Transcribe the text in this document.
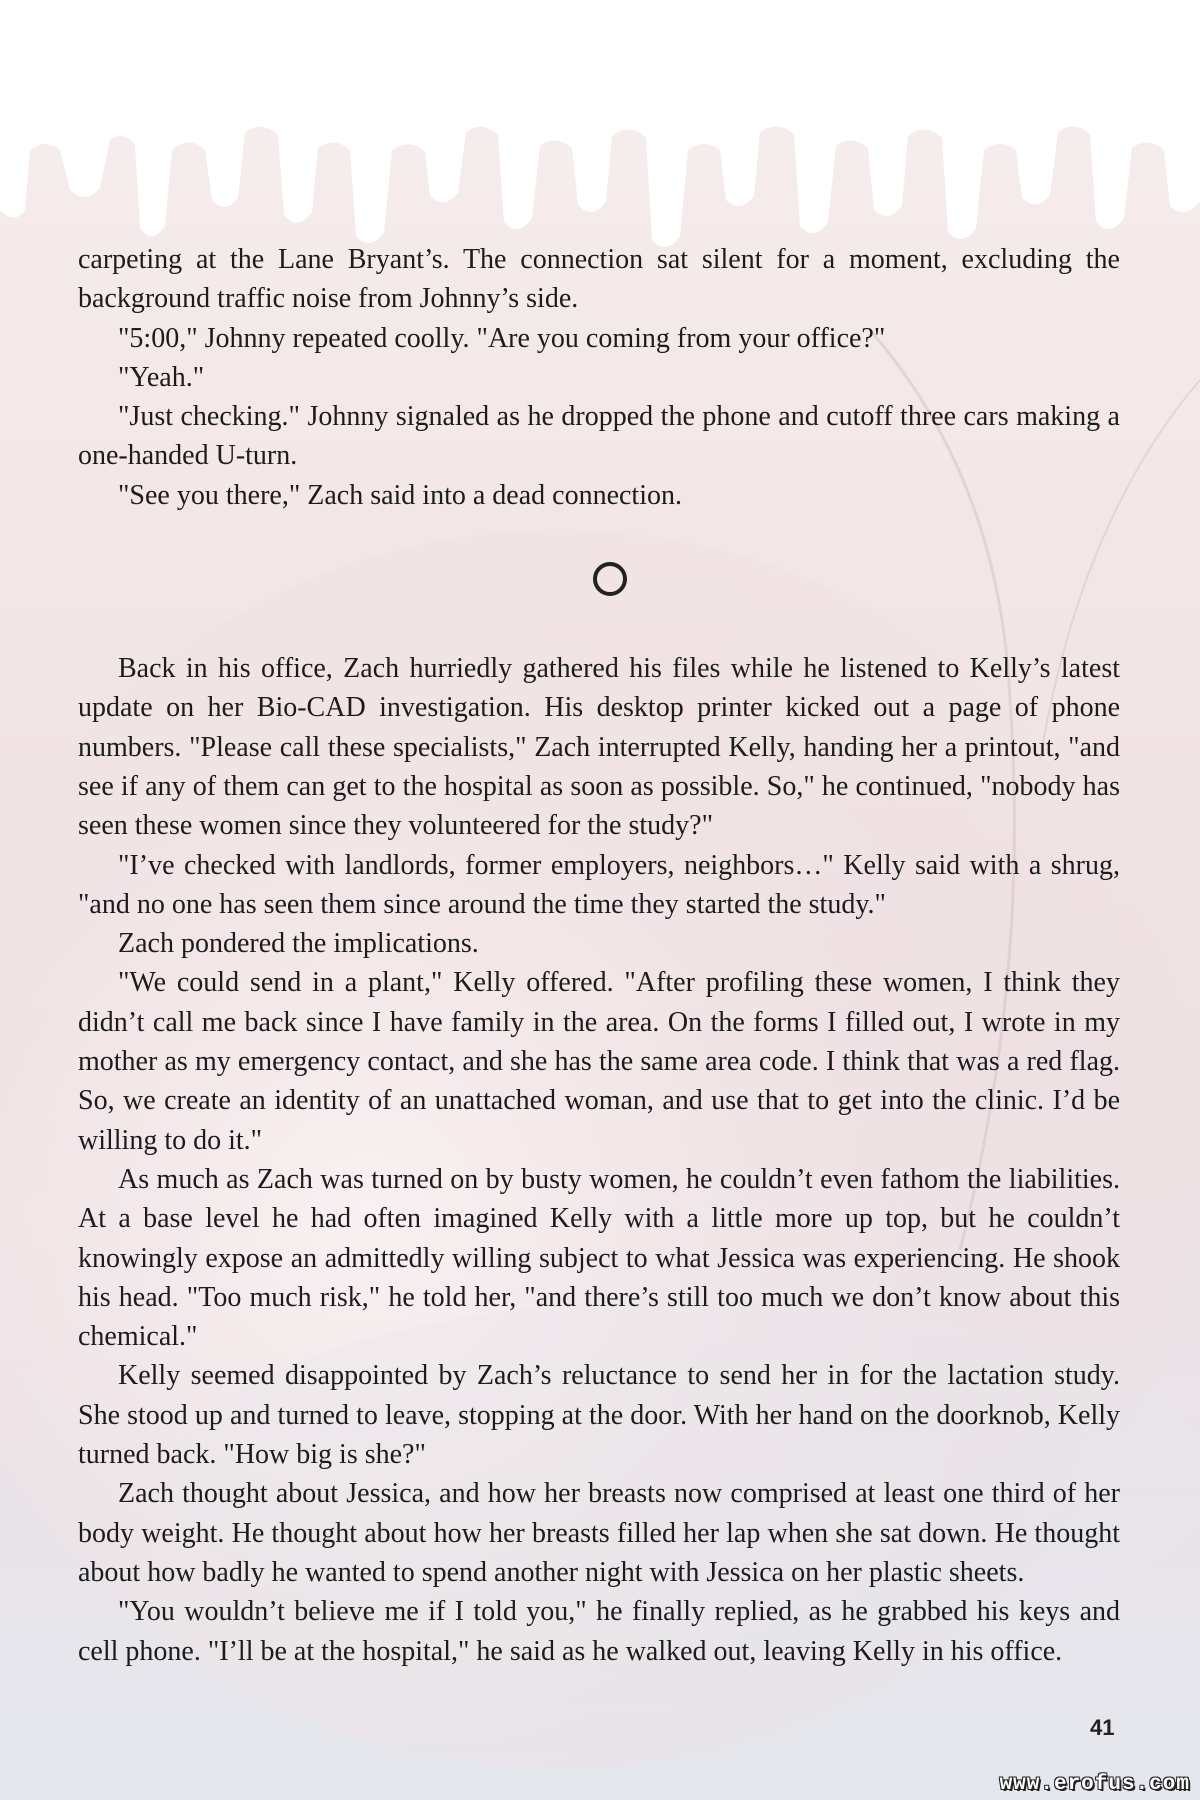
carpeting at the Lane Bryant’s. The connection sat silent for a moment, excluding the background traffic noise from Johnny’s side.

"5:00," Johnny repeated coolly. "Are you coming from your office?"

"Yeah."

"Just checking." Johnny signaled as he dropped the phone and cutoff three cars making a one-handed U-turn.

"See you there," Zach said into a dead connection.

Back in his office, Zach hurriedly gathered his files while he listened to Kelly’s latest update on her Bio-CAD investigation. His desktop printer kicked out a page of phone numbers. "Please call these specialists," Zach interrupted Kelly, handing her a printout, "and see if any of them can get to the hospital as soon as possible. So," he continued, "nobody has seen these women since they volunteered for the study?"

"I’ve checked with landlords, former employers, neighbors…" Kelly said with a shrug, "and no one has seen them since around the time they started the study."

Zach pondered the implications.

"We could send in a plant," Kelly offered. "After profiling these women, I think they didn’t call me back since I have family in the area. On the forms I filled out, I wrote in my mother as my emergency contact, and she has the same area code. I think that was a red flag. So, we create an identity of an unattached woman, and use that to get into the clinic. I’d be willing to do it."

As much as Zach was turned on by busty women, he couldn’t even fathom the liabilities. At a base level he had often imagined Kelly with a little more up top, but he couldn’t knowingly expose an admittedly willing subject to what Jessica was experiencing. He shook his head. "Too much risk," he told her, "and there’s still too much we don’t know about this chemical."

Kelly seemed disappointed by Zach’s reluctance to send her in for the lactation study. She stood up and turned to leave, stopping at the door. With her hand on the doorknob, Kelly turned back. "How big is she?"

Zach thought about Jessica, and how her breasts now comprised at least one third of her body weight. He thought about how her breasts filled her lap when she sat down. He thought about how badly he wanted to spend another night with Jessica on her plastic sheets.

"You wouldn’t believe me if I told you," he finally replied, as he grabbed his keys and cell phone. "I’ll be at the hospital," he said as he walked out, leaving Kelly in his office.

41
www.erofus.com
